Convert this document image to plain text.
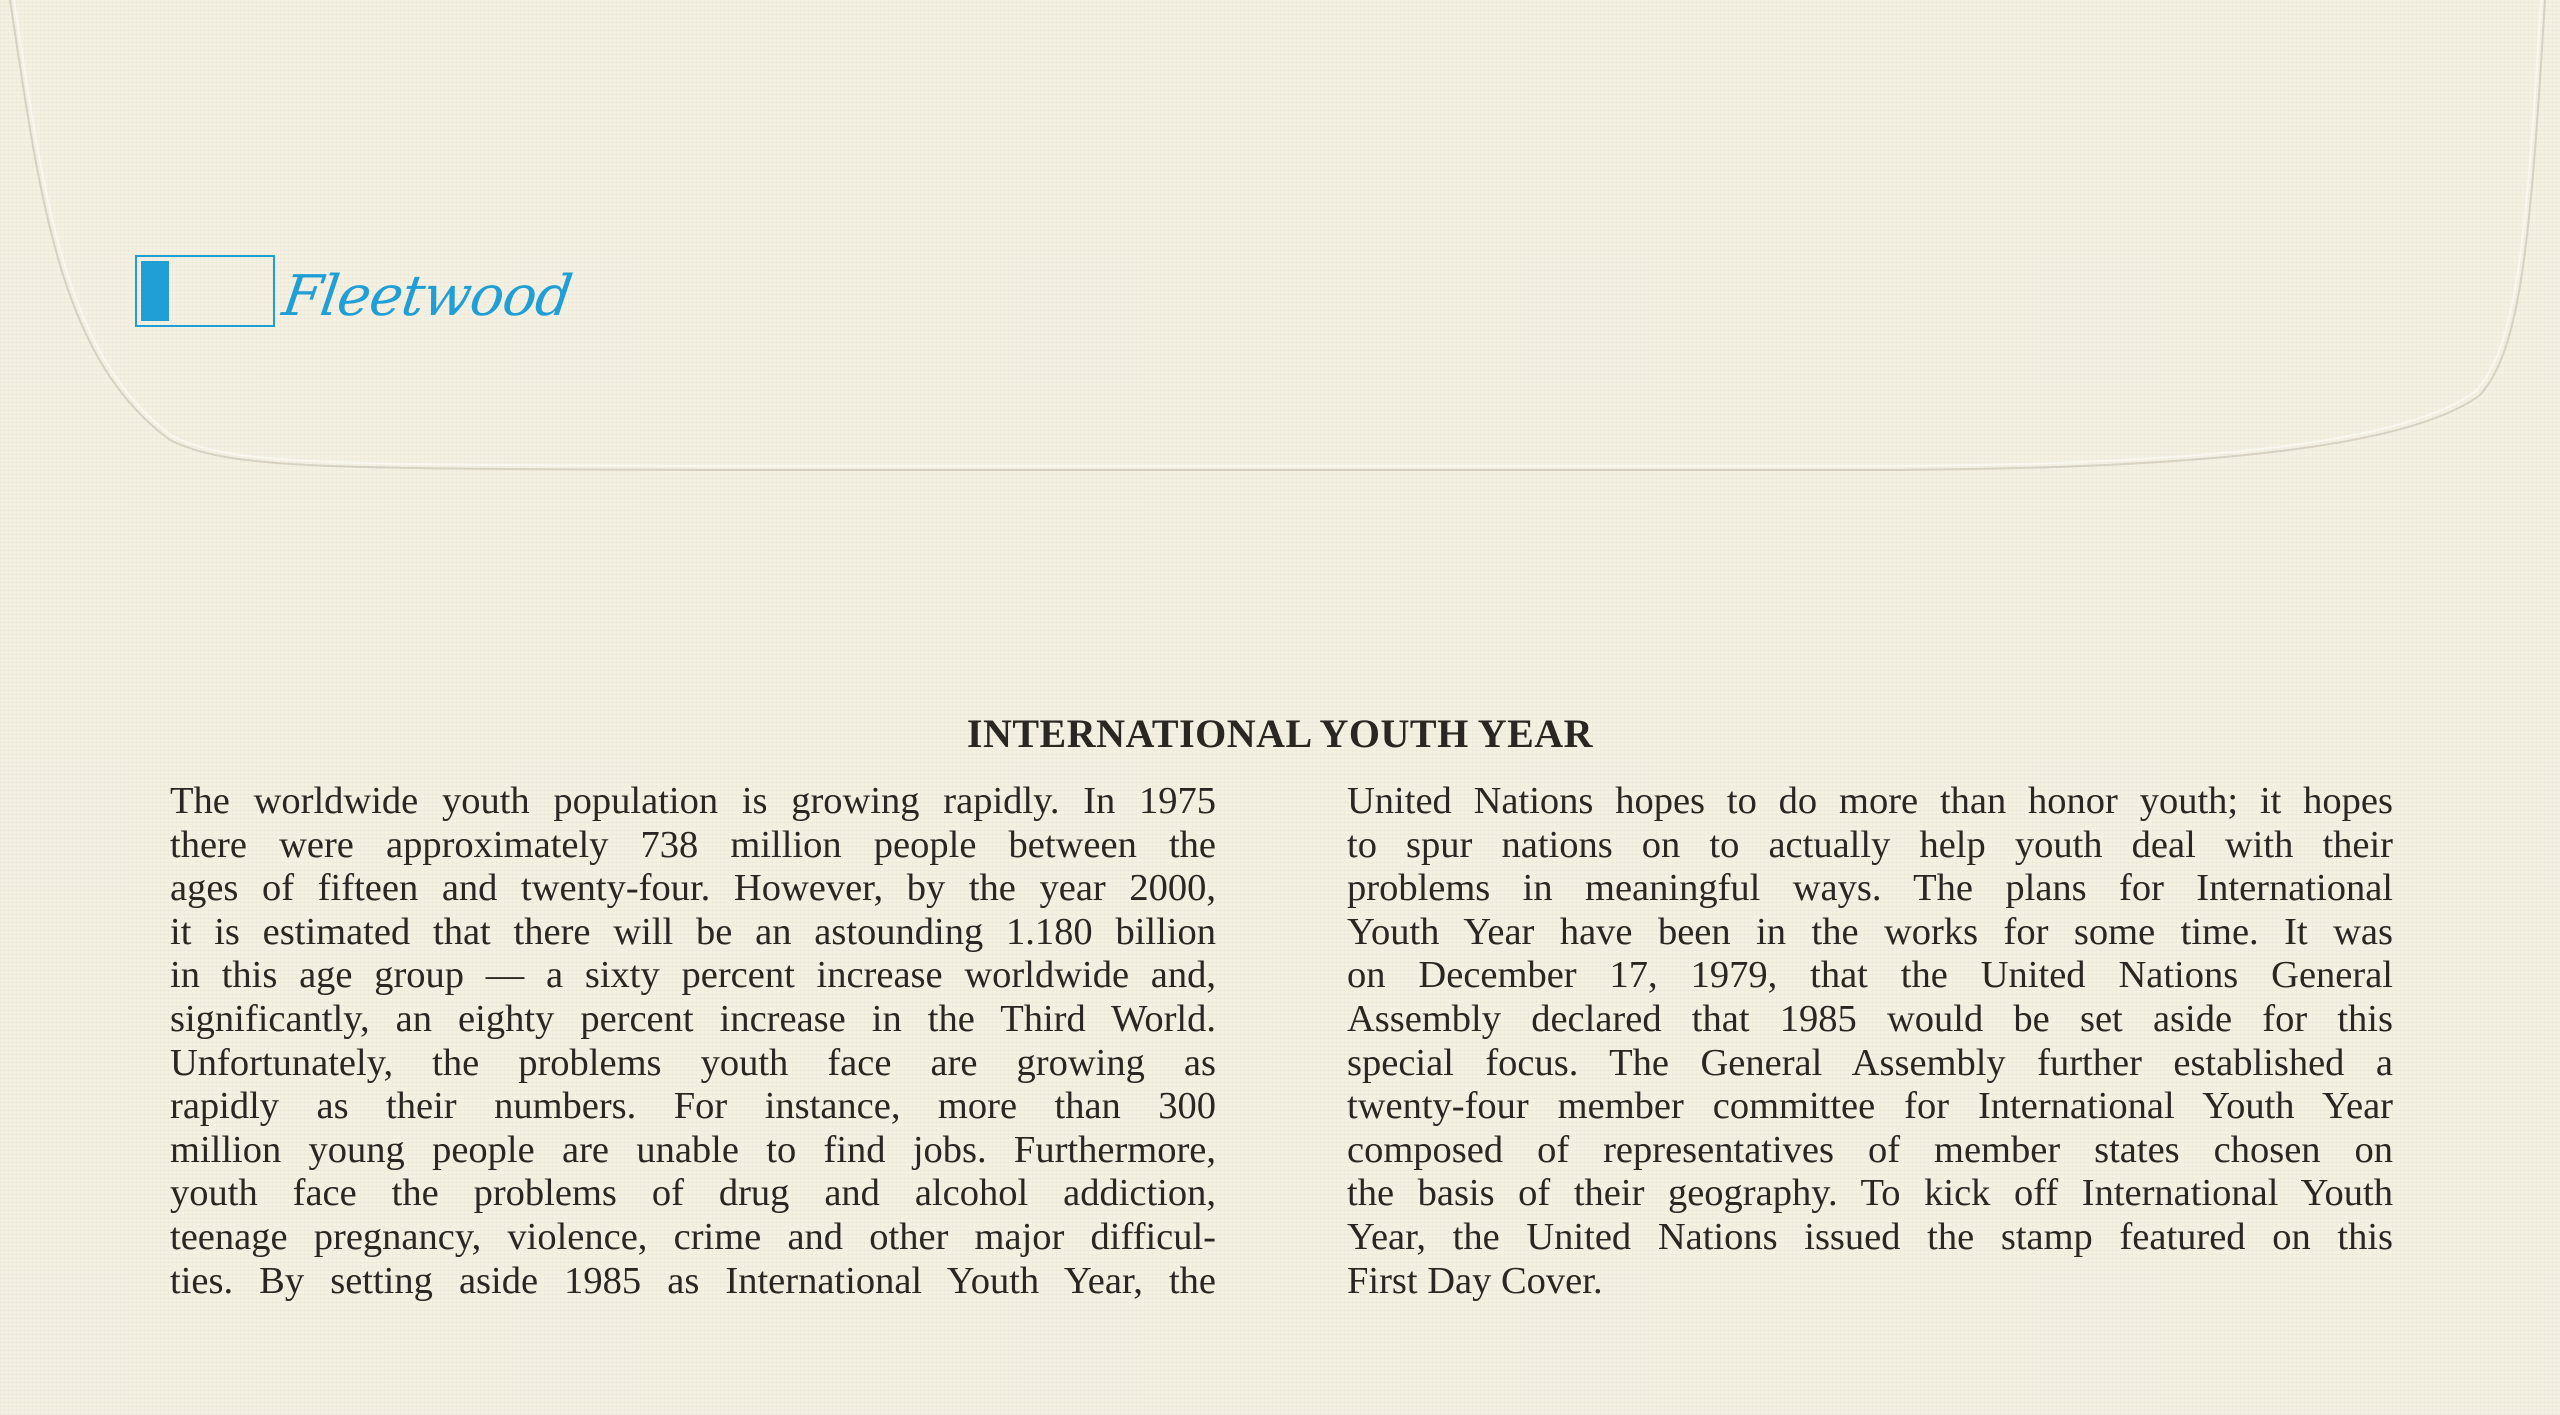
Fleetwood
INTERNATIONAL YOUTH YEAR
The worldwide youth population is growing rapidly. In 1975
there were approximately 738 million people between the
ages of fifteen and twenty-four. However, by the year 2000,
it is estimated that there will be an astounding 1.180 billion
in this age group — a sixty percent increase worldwide and,
significantly, an eighty percent increase in the Third World.
Unfortunately, the problems youth face are growing as
rapidly as their numbers. For instance, more than 300
million young people are unable to find jobs. Furthermore,
youth face the problems of drug and alcohol addiction,
teenage pregnancy, violence, crime and other major difficul-
ties. By setting aside 1985 as International Youth Year, the
United Nations hopes to do more than honor youth; it hopes
to spur nations on to actually help youth deal with their
problems in meaningful ways. The plans for International
Youth Year have been in the works for some time. It was
on December 17, 1979, that the United Nations General
Assembly declared that 1985 would be set aside for this
special focus. The General Assembly further established a
twenty-four member committee for International Youth Year
composed of representatives of member states chosen on
the basis of their geography. To kick off International Youth
Year, the United Nations issued the stamp featured on this
First Day Cover.
